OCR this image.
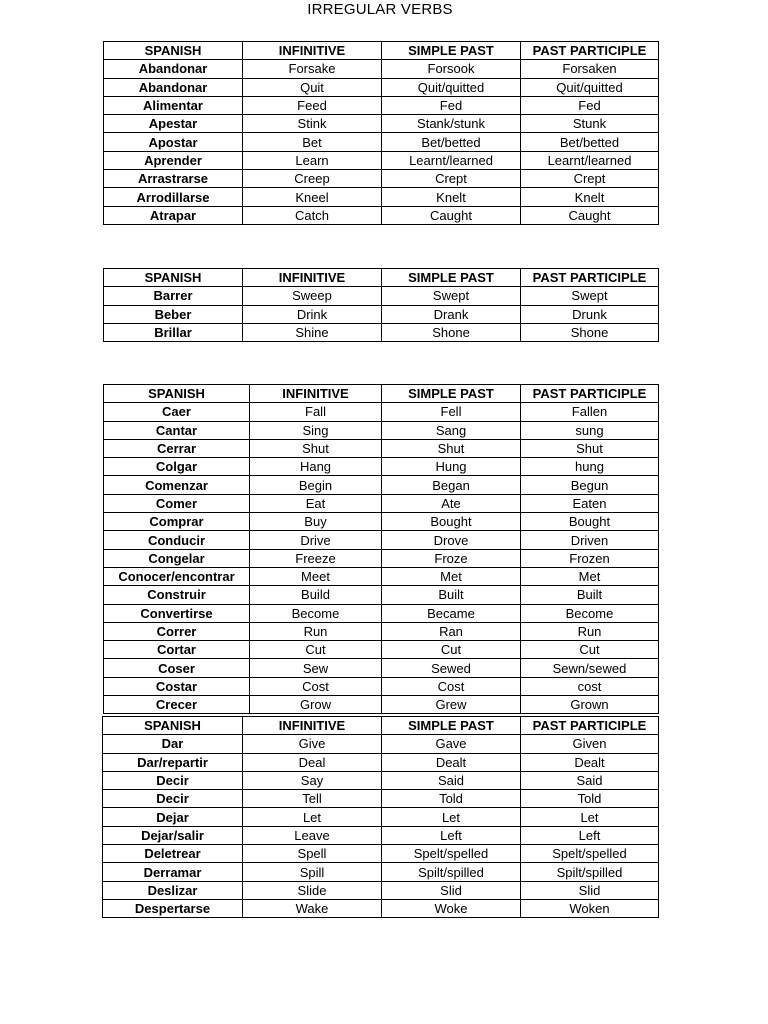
IRREGULAR VERBS
SPANISH	INFINITIVE	SIMPLE PAST	PAST PARTICIPLE
Abandonar	Forsake	Forsook	Forsaken
Abandonar	Quit	Quit/quitted	Quit/quitted
Alimentar	Feed	Fed	Fed
Apestar	Stink	Stank/stunk	Stunk
Apostar	Bet	Bet/betted	Bet/betted
Aprender	Learn	Learnt/learned	Learnt/learned
Arrastrarse	Creep	Crept	Crept
Arrodillarse	Kneel	Knelt	Knelt
Atrapar	Catch	Caught	Caught
SPANISH	INFINITIVE	SIMPLE PAST	PAST PARTICIPLE
Barrer	Sweep	Swept	Swept
Beber	Drink	Drank	Drunk
Brillar	Shine	Shone	Shone
SPANISH	INFINITIVE	SIMPLE PAST	PAST PARTICIPLE
Caer	Fall	Fell	Fallen
Cantar	Sing	Sang	sung
Cerrar	Shut	Shut	Shut
Colgar	Hang	Hung	hung
Comenzar	Begin	Began	Begun
Comer	Eat	Ate	Eaten
Comprar	Buy	Bought	Bought
Conducir	Drive	Drove	Driven
Congelar	Freeze	Froze	Frozen
Conocer/encontrar	Meet	Met	Met
Construir	Build	Built	Built
Convertirse	Become	Became	Become
Correr	Run	Ran	Run
Cortar	Cut	Cut	Cut
Coser	Sew	Sewed	Sewn/sewed
Costar	Cost	Cost	cost
Crecer	Grow	Grew	Grown
SPANISH	INFINITIVE	SIMPLE PAST	PAST PARTICIPLE
Dar	Give	Gave	Given
Dar/repartir	Deal	Dealt	Dealt
Decir	Say	Said	Said
Decir	Tell	Told	Told
Dejar	Let	Let	Let
Dejar/salir	Leave	Left	Left
Deletrear	Spell	Spelt/spelled	Spelt/spelled
Derramar	Spill	Spilt/spilled	Spilt/spilled
Deslizar	Slide	Slid	Slid
Despertarse	Wake	Woke	Woken
